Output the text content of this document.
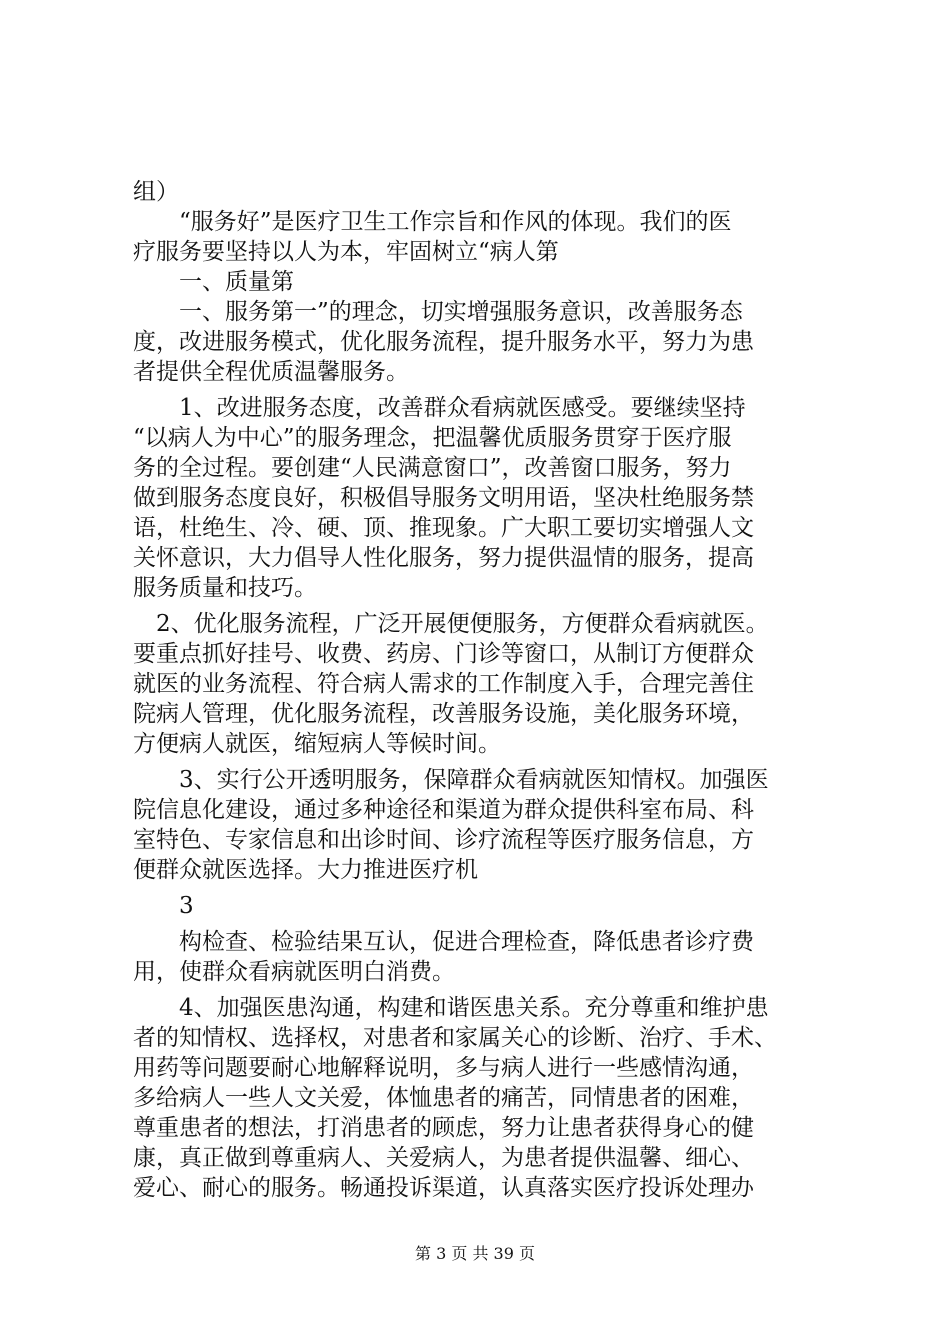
组）
　　“服务好”是医疗卫生工作宗旨和作风的体现。我们的医
疗服务要坚持以人为本，牢固树立“病人第
　　一、质量第
　　一、服务第一”的理念，切实增强服务意识，改善服务态
度，改进服务模式，优化服务流程，提升服务水平，努力为患
者提供全程优质温馨服务。
　　1、改进服务态度，改善群众看病就医感受。要继续坚持
“以病人为中心”的服务理念，把温馨优质服务贯穿于医疗服
务的全过程。要创建“人民满意窗口”，改善窗口服务，努力
做到服务态度良好，积极倡导服务文明用语，坚决杜绝服务禁
语，杜绝生、冷、硬、顶、推现象。广大职工要切实增强人文
关怀意识，大力倡导人性化服务，努力提供温情的服务，提高
服务质量和技巧。
　2、优化服务流程，广泛开展便便服务，方便群众看病就医。
要重点抓好挂号、收费、药房、门诊等窗口，从制订方便群众
就医的业务流程、符合病人需求的工作制度入手，合理完善住
院病人管理，优化服务流程，改善服务设施，美化服务环境，
方便病人就医，缩短病人等候时间。
　　3、实行公开透明服务，保障群众看病就医知情权。加强医
院信息化建设，通过多种途径和渠道为群众提供科室布局、科
室特色、专家信息和出诊时间、诊疗流程等医疗服务信息，方
便群众就医选择。大力推进医疗机
　　3
　　构检查、检验结果互认，促进合理检查，降低患者诊疗费
用，使群众看病就医明白消费。
　　4、加强医患沟通，构建和谐医患关系。充分尊重和维护患
者的知情权、选择权，对患者和家属关心的诊断、治疗、手术、
用药等问题要耐心地解释说明，多与病人进行一些感情沟通，
多给病人一些人文关爱，体恤患者的痛苦，同情患者的困难，
尊重患者的想法，打消患者的顾虑，努力让患者获得身心的健
康，真正做到尊重病人、关爱病人，为患者提供温馨、细心、
爱心、耐心的服务。畅通投诉渠道，认真落实医疗投诉处理办
第 3 页 共 39 页
